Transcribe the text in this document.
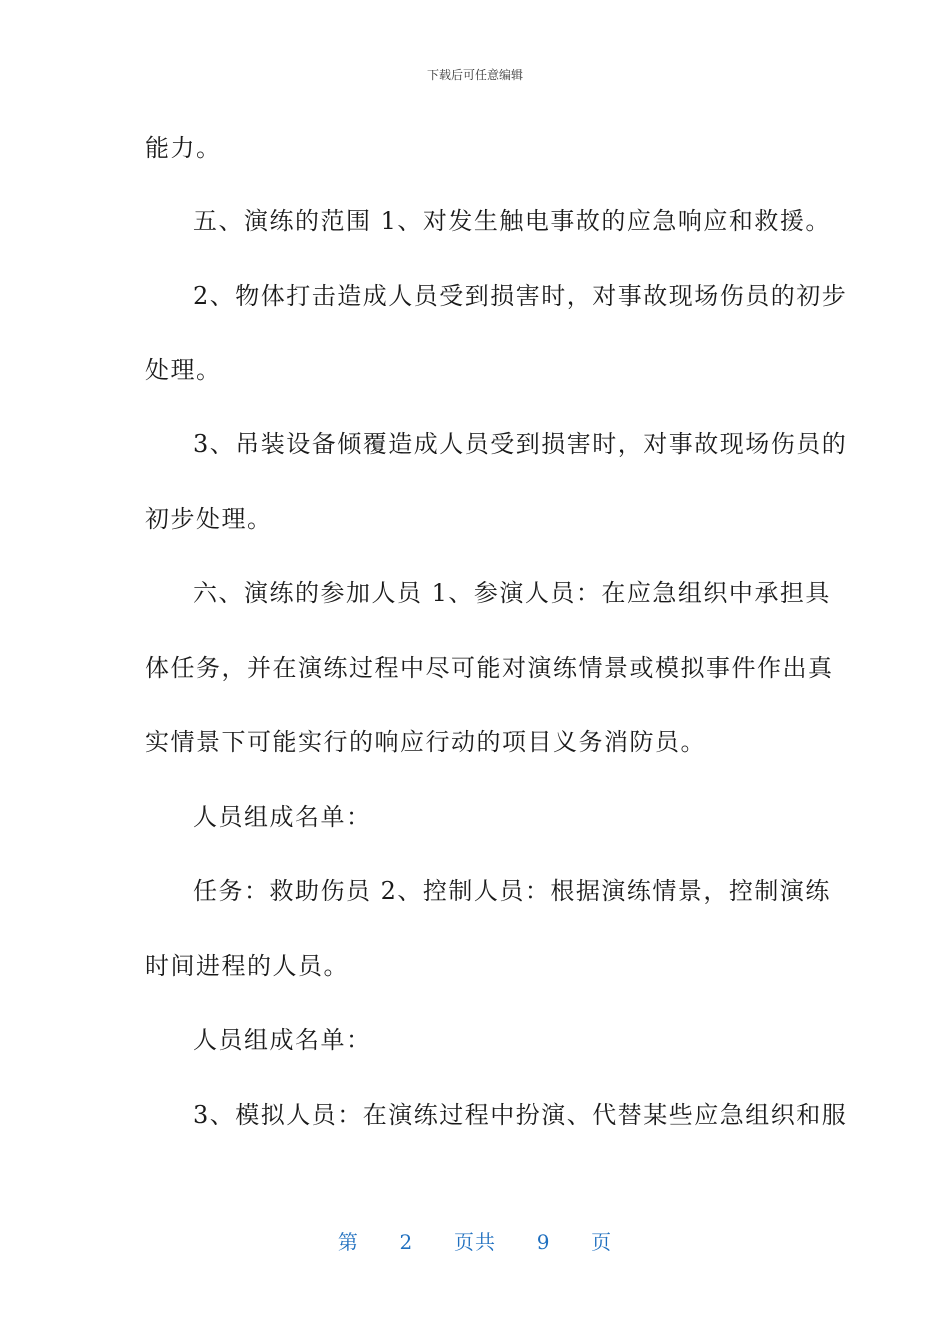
下载后可任意编辑
能力。
五、演练的范围 1、对发生触电事故的应急响应和救援。
2、物体打击造成人员受到损害时，对事故现场伤员的初步
处理。
3、吊装设备倾覆造成人员受到损害时，对事故现场伤员的
初步处理。
六、演练的参加人员 1、参演人员：在应急组织中承担具
体任务，并在演练过程中尽可能对演练情景或模拟事件作出真
实情景下可能实行的响应行动的项目义务消防员。
人员组成名单：
任务：救助伤员 2、控制人员：根据演练情景，控制演练
时间进程的人员。
人员组成名单：
3、模拟人员：在演练过程中扮演、代替某些应急组织和服
第 2 页共 9 页
